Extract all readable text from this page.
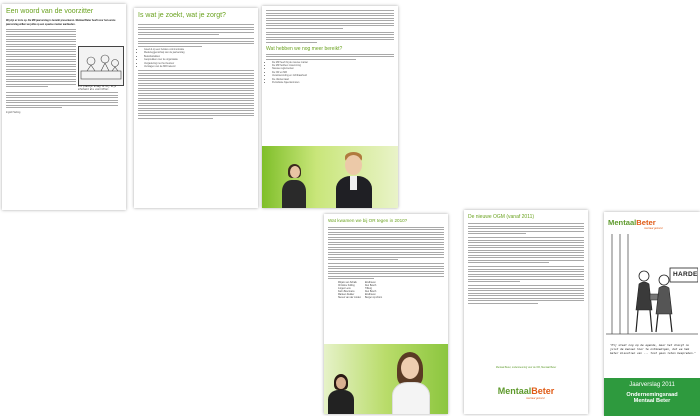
Een woord van de voorzitter
Wij zijn er trots op. De MR jaarverslag is bereikt presenteren. Mentaal Beter heeft voor het eerste jaarverslag willen we jullie op een speelse manier aanbieden.
Ingrid Harting
Dit plaatje kreeg ik bij mijn afscheid als voorzitter.
Is wat je zoekt, wat je zorgt?
• Goed & op een heldere communicatie
• Medezeggenschap van de jaarverslag
• Beleidsstukken
• Gesprekken over de organisatie
• Vergadering met het bestuur
• Verslagen van de MR bekend
Wat hebben we nog meer bereikt?
• De MR heeft bij de nieuwe manier
• De MR hebben instemming
• Nieuwe reglementen
• De OR en MR
• Verantwoording en zichtbaarheid
• De cliëntenraad
• Periodieke bijeenkomsten
Wat kwamen we bij OR tegen in 2010?
Mirjam van Schaik	Eindhoven
Christine Kolling	Den Bosch
Jurgen Lens	Tilburg
Karin Boermans	Den Bosch
Marleen Dekker	Eindhoven
Steven van der Linden	Bergen op Zoom
De nieuwe OGM (vanaf 2011)
Mentaal Beter, ondersteuning voor de OR, Mentaal Beter
MentaalBeter
mentaal gezond
MentaalBeter
mentaal gezond
HARDE
"Hij staat nog op de agenda, maar het dreigt nu juist de mensen hier te ontmoedigen, dat we hem beter misschien van ... toch gaan laten bespreken."
Jaarverslag 2011
Ondernemingsraad
Mentaal Beter
